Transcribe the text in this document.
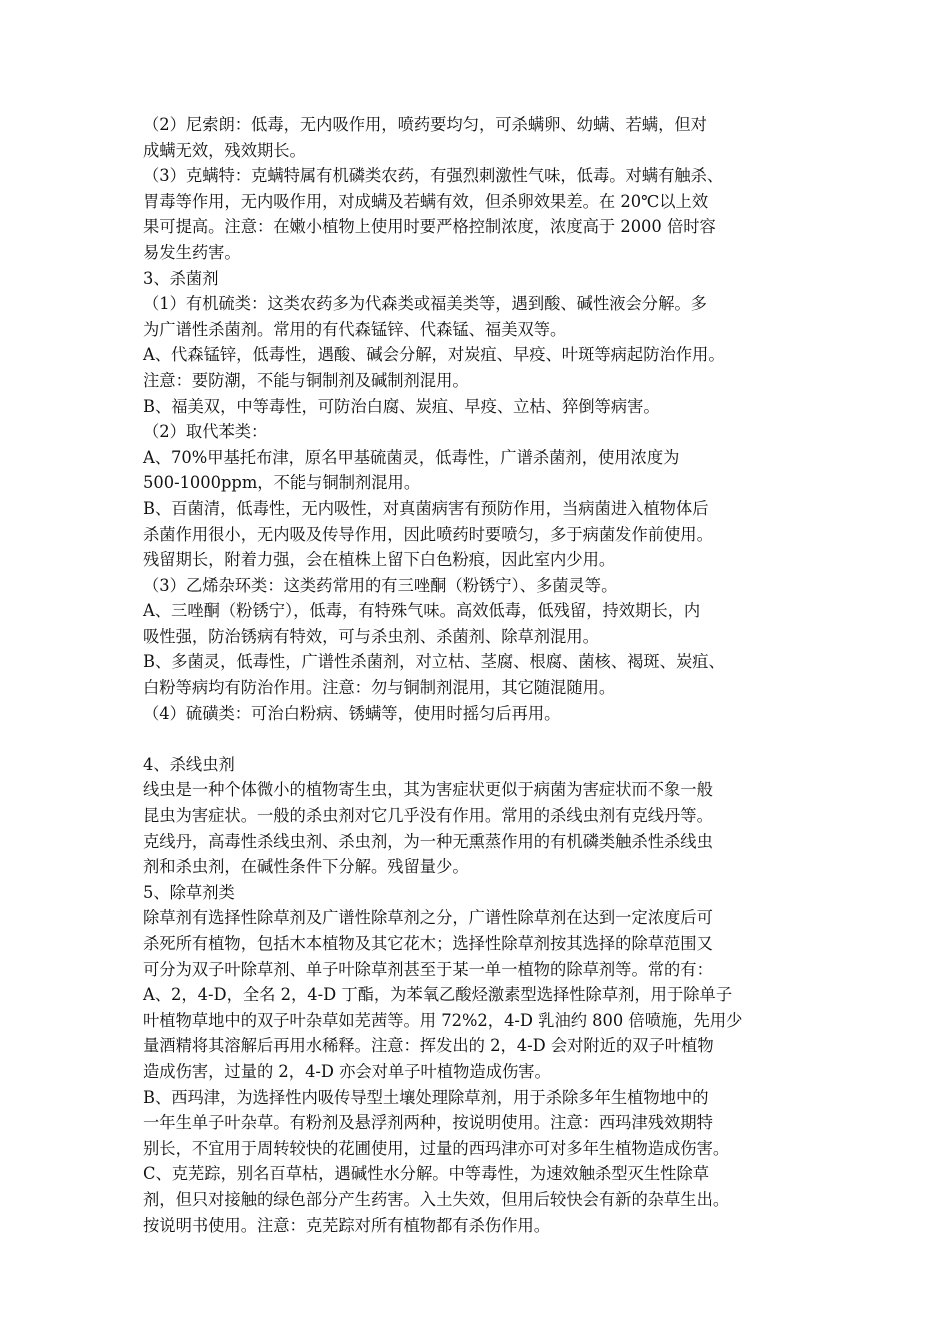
（2）尼索朗：低毒，无内吸作用，喷药要均匀，可杀螨卵、幼螨、若螨，但对

成螨无效，残效期长。

（3）克螨特：克螨特属有机磷类农药，有强烈刺激性气味，低毒。对螨有触杀、

胃毒等作用，无内吸作用，对成螨及若螨有效，但杀卵效果差。在 20℃以上效

果可提高。注意：在嫩小植物上使用时要严格控制浓度，浓度高于 2000 倍时容

易发生药害。

3、杀菌剂

（1）有机硫类：这类农药多为代森类或福美类等，遇到酸、碱性液会分解。多

为广谱性杀菌剂。常用的有代森锰锌、代森锰、福美双等。

A、代森锰锌，低毒性，遇酸、碱会分解，对炭疽、早疫、叶斑等病起防治作用。

注意：要防潮，不能与铜制剂及碱制剂混用。

B、福美双，中等毒性，可防治白腐、炭疽、早疫、立枯、猝倒等病害。

（2）取代苯类：

A、70%甲基托布津，原名甲基硫菌灵，低毒性，广谱杀菌剂，使用浓度为

500-1000ppm，不能与铜制剂混用。

B、百菌清，低毒性，无内吸性，对真菌病害有预防作用，当病菌进入植物体后

杀菌作用很小，无内吸及传导作用，因此喷药时要喷匀，多于病菌发作前使用。

残留期长，附着力强，会在植株上留下白色粉痕，因此室内少用。

（3）乙烯杂环类：这类药常用的有三唑酮（粉锈宁）、多菌灵等。

A、三唑酮（粉锈宁），低毒，有特殊气味。高效低毒，低残留，持效期长，内

吸性强，防治锈病有特效，可与杀虫剂、杀菌剂、除草剂混用。

B、多菌灵，低毒性，广谱性杀菌剂，对立枯、茎腐、根腐、菌核、褐斑、炭疽、

白粉等病均有防治作用。注意：勿与铜制剂混用，其它随混随用。

（4）硫磺类：可治白粉病、锈螨等，使用时摇匀后再用。

4、杀线虫剂

线虫是一种个体微小的植物寄生虫，其为害症状更似于病菌为害症状而不象一般

昆虫为害症状。一般的杀虫剂对它几乎没有作用。常用的杀线虫剂有克线丹等。

克线丹，高毒性杀线虫剂、杀虫剂，为一种无熏蒸作用的有机磷类触杀性杀线虫

剂和杀虫剂，在碱性条件下分解。残留量少。

5、除草剂类

除草剂有选择性除草剂及广谱性除草剂之分，广谱性除草剂在达到一定浓度后可

杀死所有植物，包括木本植物及其它花木；选择性除草剂按其选择的除草范围又

可分为双子叶除草剂、单子叶除草剂甚至于某一单一植物的除草剂等。常的有：

A、2，4-D，全名 2，4-D 丁酯，为苯氧乙酸烃激素型选择性除草剂，用于除单子

叶植物草地中的双子叶杂草如芜茜等。用 72%2，4-D 乳油约 800 倍喷施，先用少

量酒精将其溶解后再用水稀释。注意：挥发出的 2，4-D 会对附近的双子叶植物

造成伤害，过量的 2，4-D 亦会对单子叶植物造成伤害。

B、西玛津，为选择性内吸传导型土壤处理除草剂，用于杀除多年生植物地中的

一年生单子叶杂草。有粉剂及悬浮剂两种，按说明使用。注意：西玛津残效期特

别长，不宜用于周转较快的花圃使用，过量的西玛津亦可对多年生植物造成伤害。

C、克芜踪，别名百草枯，遇碱性水分解。中等毒性，为速效触杀型灭生性除草

剂，但只对接触的绿色部分产生药害。入土失效，但用后较快会有新的杂草生出。

按说明书使用。注意：克芜踪对所有植物都有杀伤作用。
